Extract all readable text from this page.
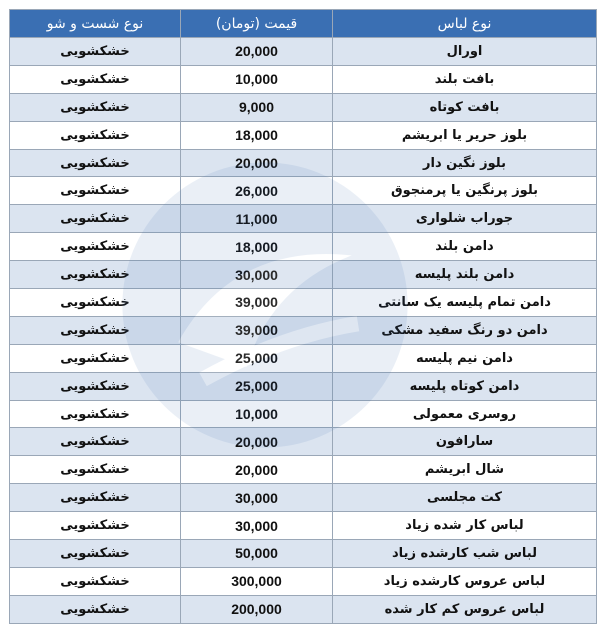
نوع لباس	قیمت (تومان)	نوع شست و شو
اورال	20,000	خشکشویی
بافت بلند	10,000	خشکشویی
بافت کوتاه	9,000	خشکشویی
بلوز حریر یا ابریشم	18,000	خشکشویی
بلوز نگین دار	20,000	خشکشویی
بلوز پرنگین یا پرمنجوق	26,000	خشکشویی
جوراب شلواری	11,000	خشکشویی
دامن بلند	18,000	خشکشویی
دامن بلند پلیسه	30,000	خشکشویی
دامن تمام پلیسه یک سانتی	39,000	خشکشویی
دامن دو رنگ سفید مشکی	39,000	خشکشویی
دامن نیم پلیسه	25,000	خشکشویی
دامن کوتاه پلیسه	25,000	خشکشویی
روسری معمولی	10,000	خشکشویی
سارافون	20,000	خشکشویی
شال ابریشم	20,000	خشکشویی
کت مجلسی	30,000	خشکشویی
لباس کار شده زیاد	30,000	خشکشویی
لباس شب کارشده زیاد	50,000	خشکشویی
لباس عروس کارشده زیاد	300,000	خشکشویی
لباس عروس کم کار شده	200,000	خشکشویی
